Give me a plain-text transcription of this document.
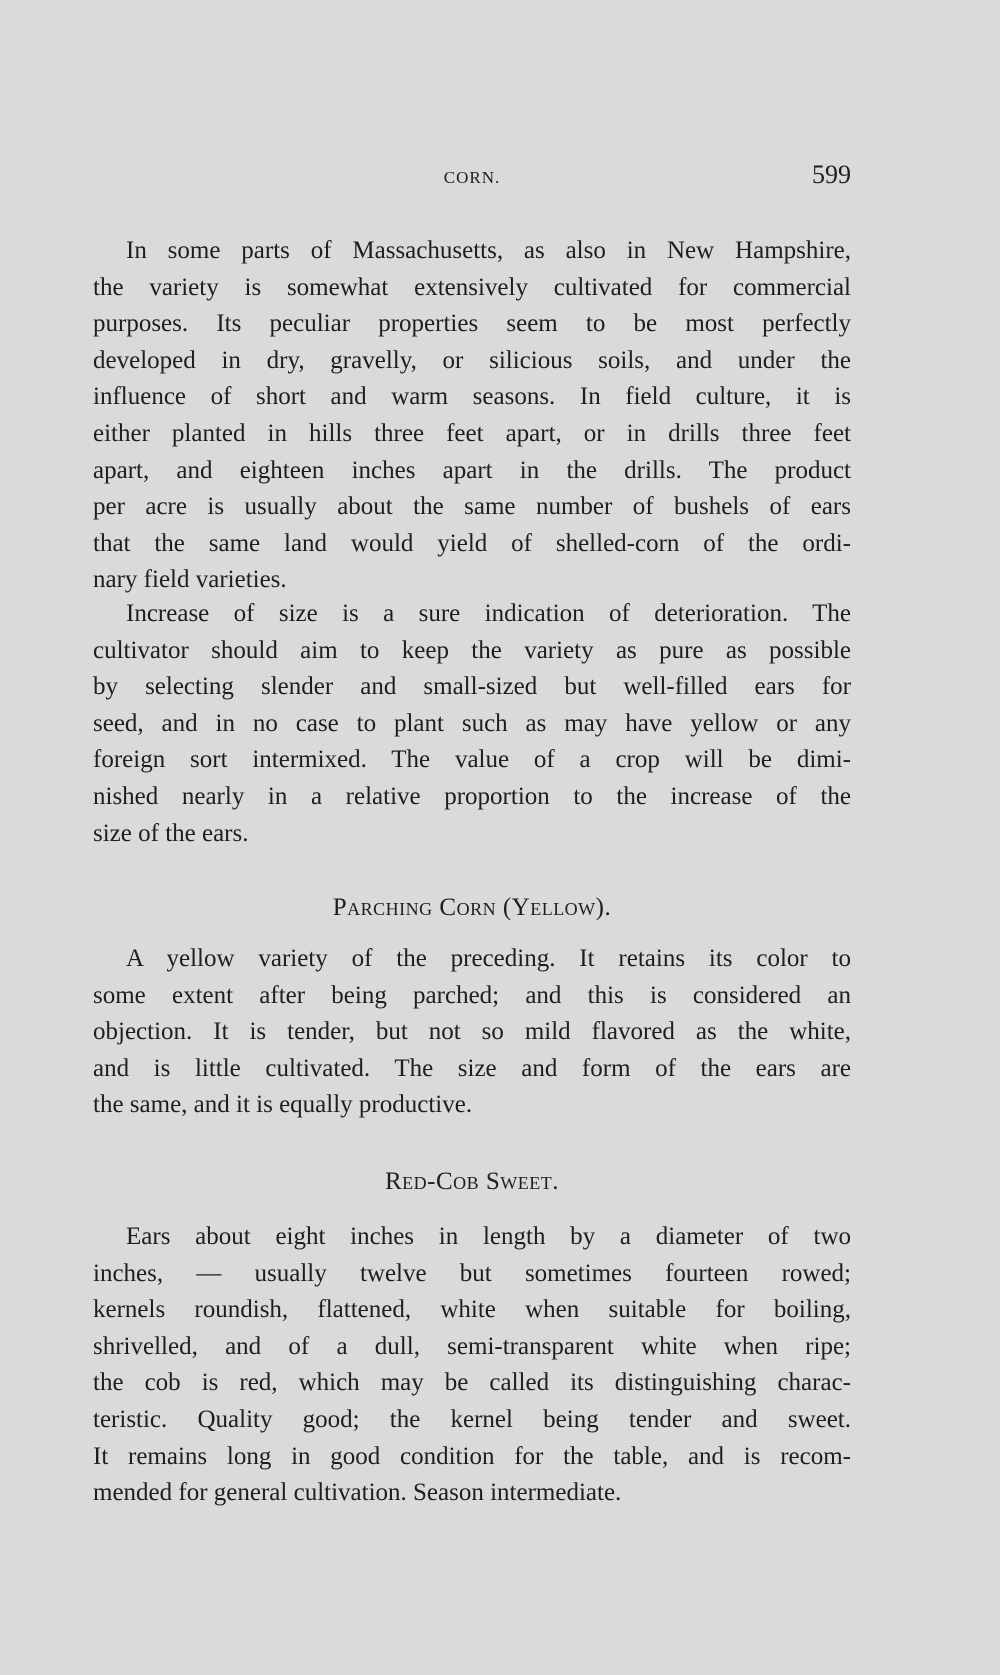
CORN.	599
In some parts of Massachusetts, as also in New Hampshire,
the variety is somewhat extensively cultivated for commercial
purposes. Its peculiar properties seem to be most perfectly
developed in dry, gravelly, or silicious soils, and under the
influence of short and warm seasons. In field culture, it is
either planted in hills three feet apart, or in drills three feet
apart, and eighteen inches apart in the drills. The product
per acre is usually about the same number of bushels of ears
that the same land would yield of shelled-corn of the ordi-
nary field varieties.
Increase of size is a sure indication of deterioration. The
cultivator should aim to keep the variety as pure as possible
by selecting slender and small-sized but well-filled ears for
seed, and in no case to plant such as may have yellow or any
foreign sort intermixed. The value of a crop will be dimi-
nished nearly in a relative proportion to the increase of the
size of the ears.
Parching Corn (Yellow).
A yellow variety of the preceding. It retains its color to
some extent after being parched; and this is considered an
objection. It is tender, but not so mild flavored as the white,
and is little cultivated. The size and form of the ears are
the same, and it is equally productive.
Red-Cob Sweet.
Ears about eight inches in length by a diameter of two
inches, — usually twelve but sometimes fourteen rowed;
kernels roundish, flattened, white when suitable for boiling,
shrivelled, and of a dull, semi-transparent white when ripe;
the cob is red, which may be called its distinguishing charac-
teristic. Quality good; the kernel being tender and sweet.
It remains long in good condition for the table, and is recom-
mended for general cultivation. Season intermediate.
